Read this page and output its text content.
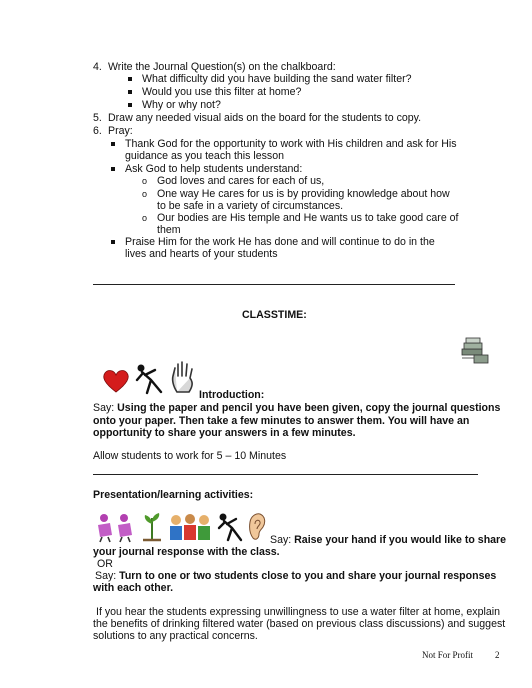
4. Write the Journal Question(s) on the chalkboard:
What difficulty did you have building the sand water filter?
Would you use this filter at home?
Why or why not?
5. Draw any needed visual aids on the board for the students to copy.
6. Pray:
Thank God for the opportunity to work with His children and ask for His
guidance as you teach this lesson
Ask God to help students understand:
o God loves and cares for each of us,
o One way He cares for us is by providing knowledge about how
to be safe in a variety of circumstances.
o Our bodies are His temple and He wants us to take good care of
them
Praise Him for the work He has done and will continue to do in the
lives and hearts of your students
CLASSTIME:
Introduction:
Say: Using the paper and pencil you have been given, copy the journal questions
onto your paper. Then take a few minutes to answer them. You will have an
opportunity to share your answers in a few minutes.
Allow students to work for 5 – 10 Minutes
Presentation/learning activities:
Say: Raise your hand if you would like to share
your journal response with the class.
OR
Say: Turn to one or two students close to you and share your journal responses
with each other.
If you hear the students expressing unwillingness to use a water filter at home, explain
the benefits of drinking filtered water (based on previous class discussions) and suggest
solutions to any practical concerns.
Not For Profit 2
